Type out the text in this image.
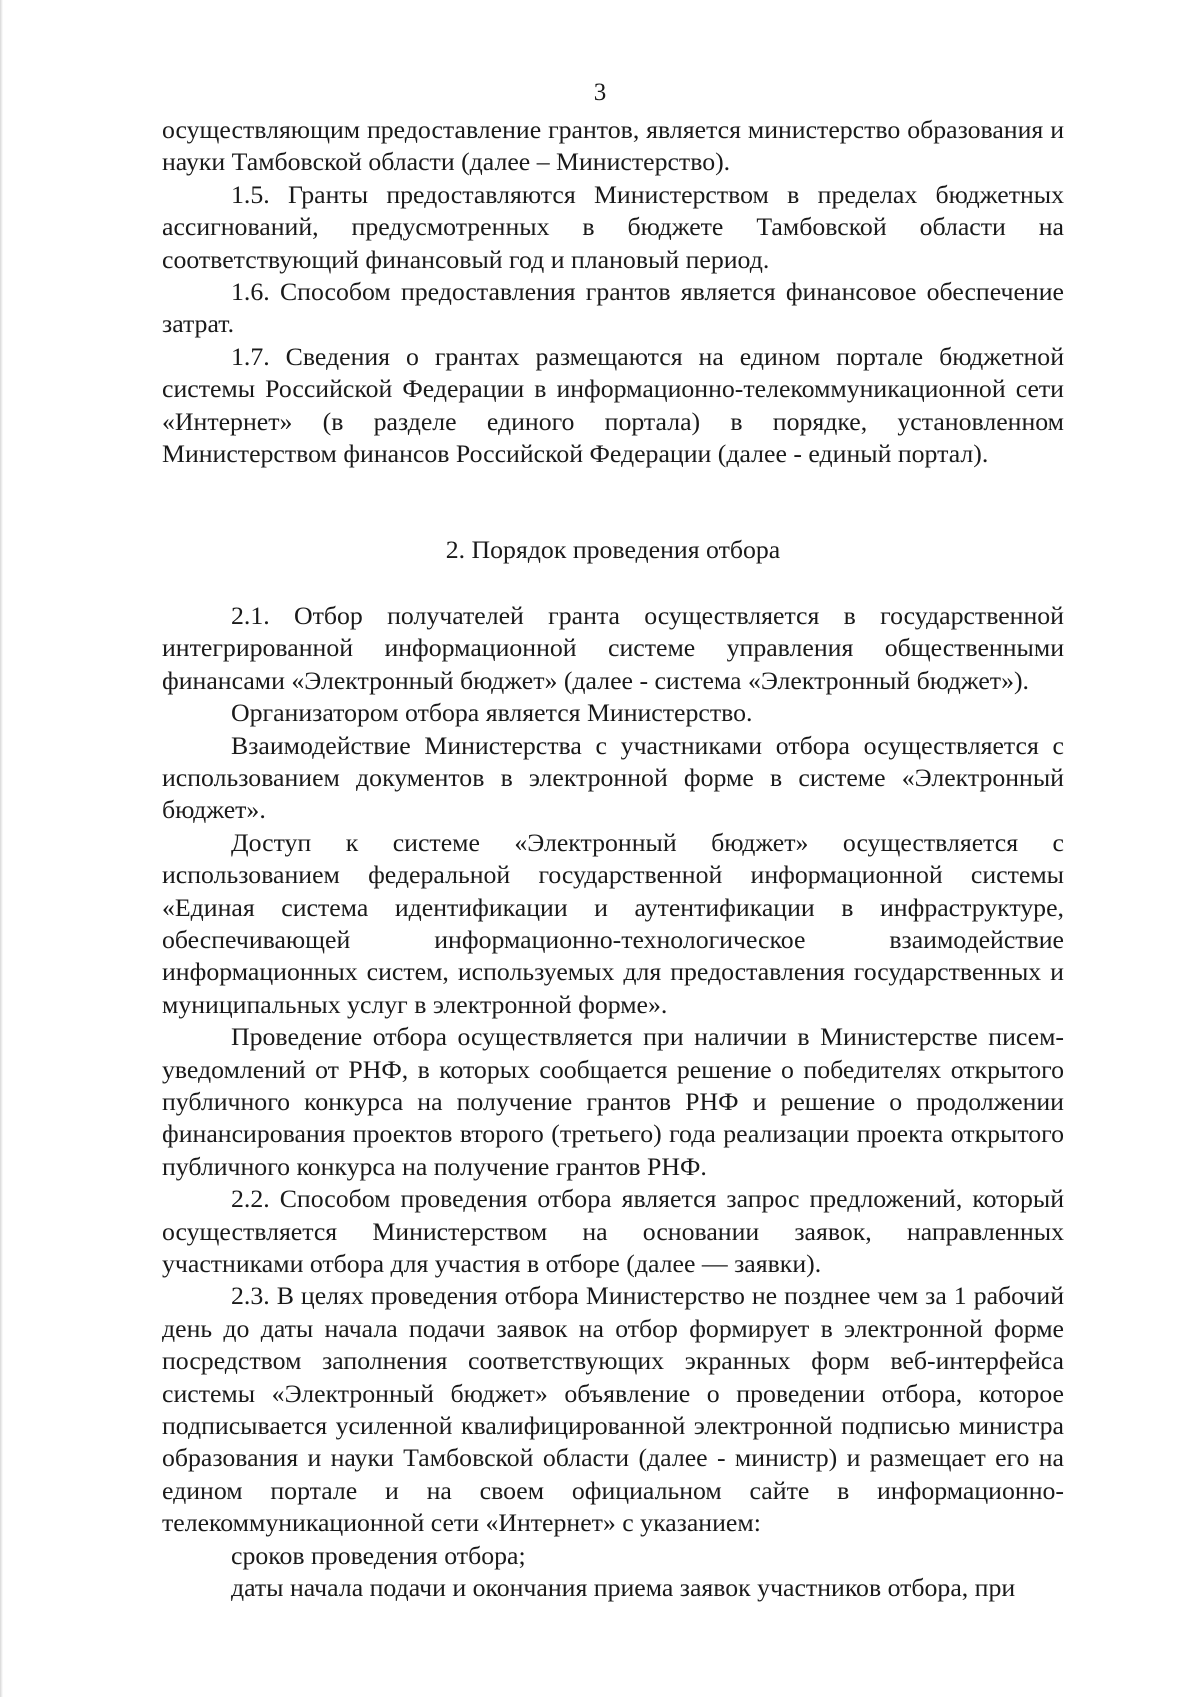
3

осуществляющим предоставление грантов, является министерство образования и науки Тамбовской области (далее – Министерство).

1.5. Гранты предоставляются Министерством в пределах бюджетных ассигнований, предусмотренных в бюджете Тамбовской области на соответствующий финансовый год и плановый период.

1.6. Способом предоставления грантов является финансовое обеспечение затрат.

1.7. Сведения о грантах размещаются на едином портале бюджетной системы Российской Федерации в информационно-телекоммуникационной сети «Интернет» (в разделе единого портала) в порядке, установленном Министерством финансов Российской Федерации (далее - единый портал).

2. Порядок проведения отбора

2.1. Отбор получателей гранта осуществляется в государственной интегрированной информационной системе управления общественными финансами «Электронный бюджет» (далее - система «Электронный бюджет»).

Организатором отбора является Министерство.

Взаимодействие Министерства с участниками отбора осуществляется с использованием документов в электронной форме в системе «Электронный бюджет».

Доступ к системе «Электронный бюджет» осуществляется с использованием федеральной государственной информационной системы «Единая система идентификации и аутентификации в инфраструктуре, обеспечивающей информационно-технологическое взаимодействие информационных систем, используемых для предоставления государственных и муниципальных услуг в электронной форме».

Проведение отбора осуществляется при наличии в Министерстве писем-уведомлений от РНФ, в которых сообщается решение о победителях открытого публичного конкурса на получение грантов РНФ и решение о продолжении финансирования проектов второго (третьего) года реализации проекта открытого публичного конкурса на получение грантов РНФ.

2.2. Способом проведения отбора является запрос предложений, который осуществляется Министерством на основании заявок, направленных участниками отбора для участия в отборе (далее — заявки).

2.3. В целях проведения отбора Министерство не позднее чем за 1 рабочий день до даты начала подачи заявок на отбор формирует в электронной форме посредством заполнения соответствующих экранных форм веб-интерфейса системы «Электронный бюджет» объявление о проведении отбора, которое подписывается усиленной квалифицированной электронной подписью министра образования и науки Тамбовской области (далее - министр) и размещает его на едином портале и на своем официальном сайте в информационно-телекоммуникационной сети «Интернет» с указанием:

сроков проведения отбора;

даты начала подачи и окончания приема заявок участников отбора, при
